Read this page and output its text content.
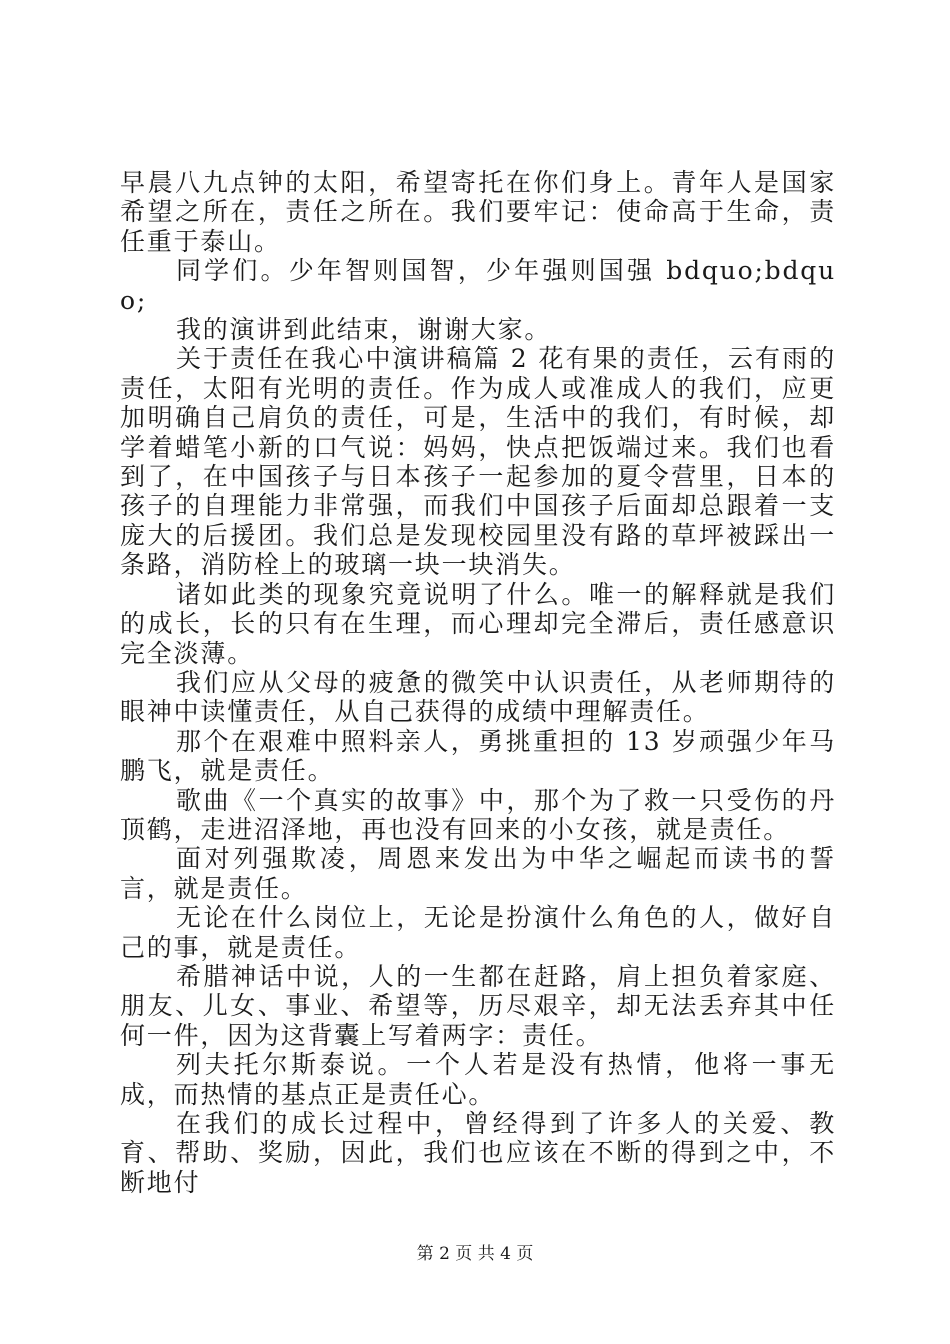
早晨八九点钟的太阳，希望寄托在你们身上。青年人是国家希望之所在，责任之所在。我们要牢记：使命高于生命，责任重于泰山。

同学们。少年智则国智，少年强则国强 bdquo;bdquo;

我的演讲到此结束，谢谢大家。

关于责任在我心中演讲稿篇 2 花有果的责任，云有雨的责任，太阳有光明的责任。作为成人或准成人的我们，应更加明确自己肩负的责任，可是，生活中的我们，有时候，却学着蜡笔小新的口气说：妈妈，快点把饭端过来。我们也看到了，在中国孩子与日本孩子一起参加的夏令营里，日本的孩子的自理能力非常强，而我们中国孩子后面却总跟着一支庞大的后援团。我们总是发现校园里没有路的草坪被踩出一条路，消防栓上的玻璃一块一块消失。

诸如此类的现象究竟说明了什么。唯一的解释就是我们的成长，长的只有在生理，而心理却完全滞后，责任感意识完全淡薄。

我们应从父母的疲惫的微笑中认识责任，从老师期待的眼神中读懂责任，从自己获得的成绩中理解责任。

那个在艰难中照料亲人，勇挑重担的 13 岁顽强少年马鹏飞，就是责任。

歌曲《一个真实的故事》中，那个为了救一只受伤的丹顶鹤，走进沼泽地，再也没有回来的小女孩，就是责任。

面对列强欺凌，周恩来发出为中华之崛起而读书的誓言，就是责任。

无论在什么岗位上，无论是扮演什么角色的人，做好自己的事，就是责任。

希腊神话中说，人的一生都在赶路，肩上担负着家庭、朋友、儿女、事业、希望等，历尽艰辛，却无法丢弃其中任何一件，因为这背囊上写着两字：责任。

列夫托尔斯泰说。一个人若是没有热情，他将一事无成，而热情的基点正是责任心。

在我们的成长过程中，曾经得到了许多人的关爱、教育、帮助、奖励，因此，我们也应该在不断的得到之中，不断地付

第 2 页 共 4 页
